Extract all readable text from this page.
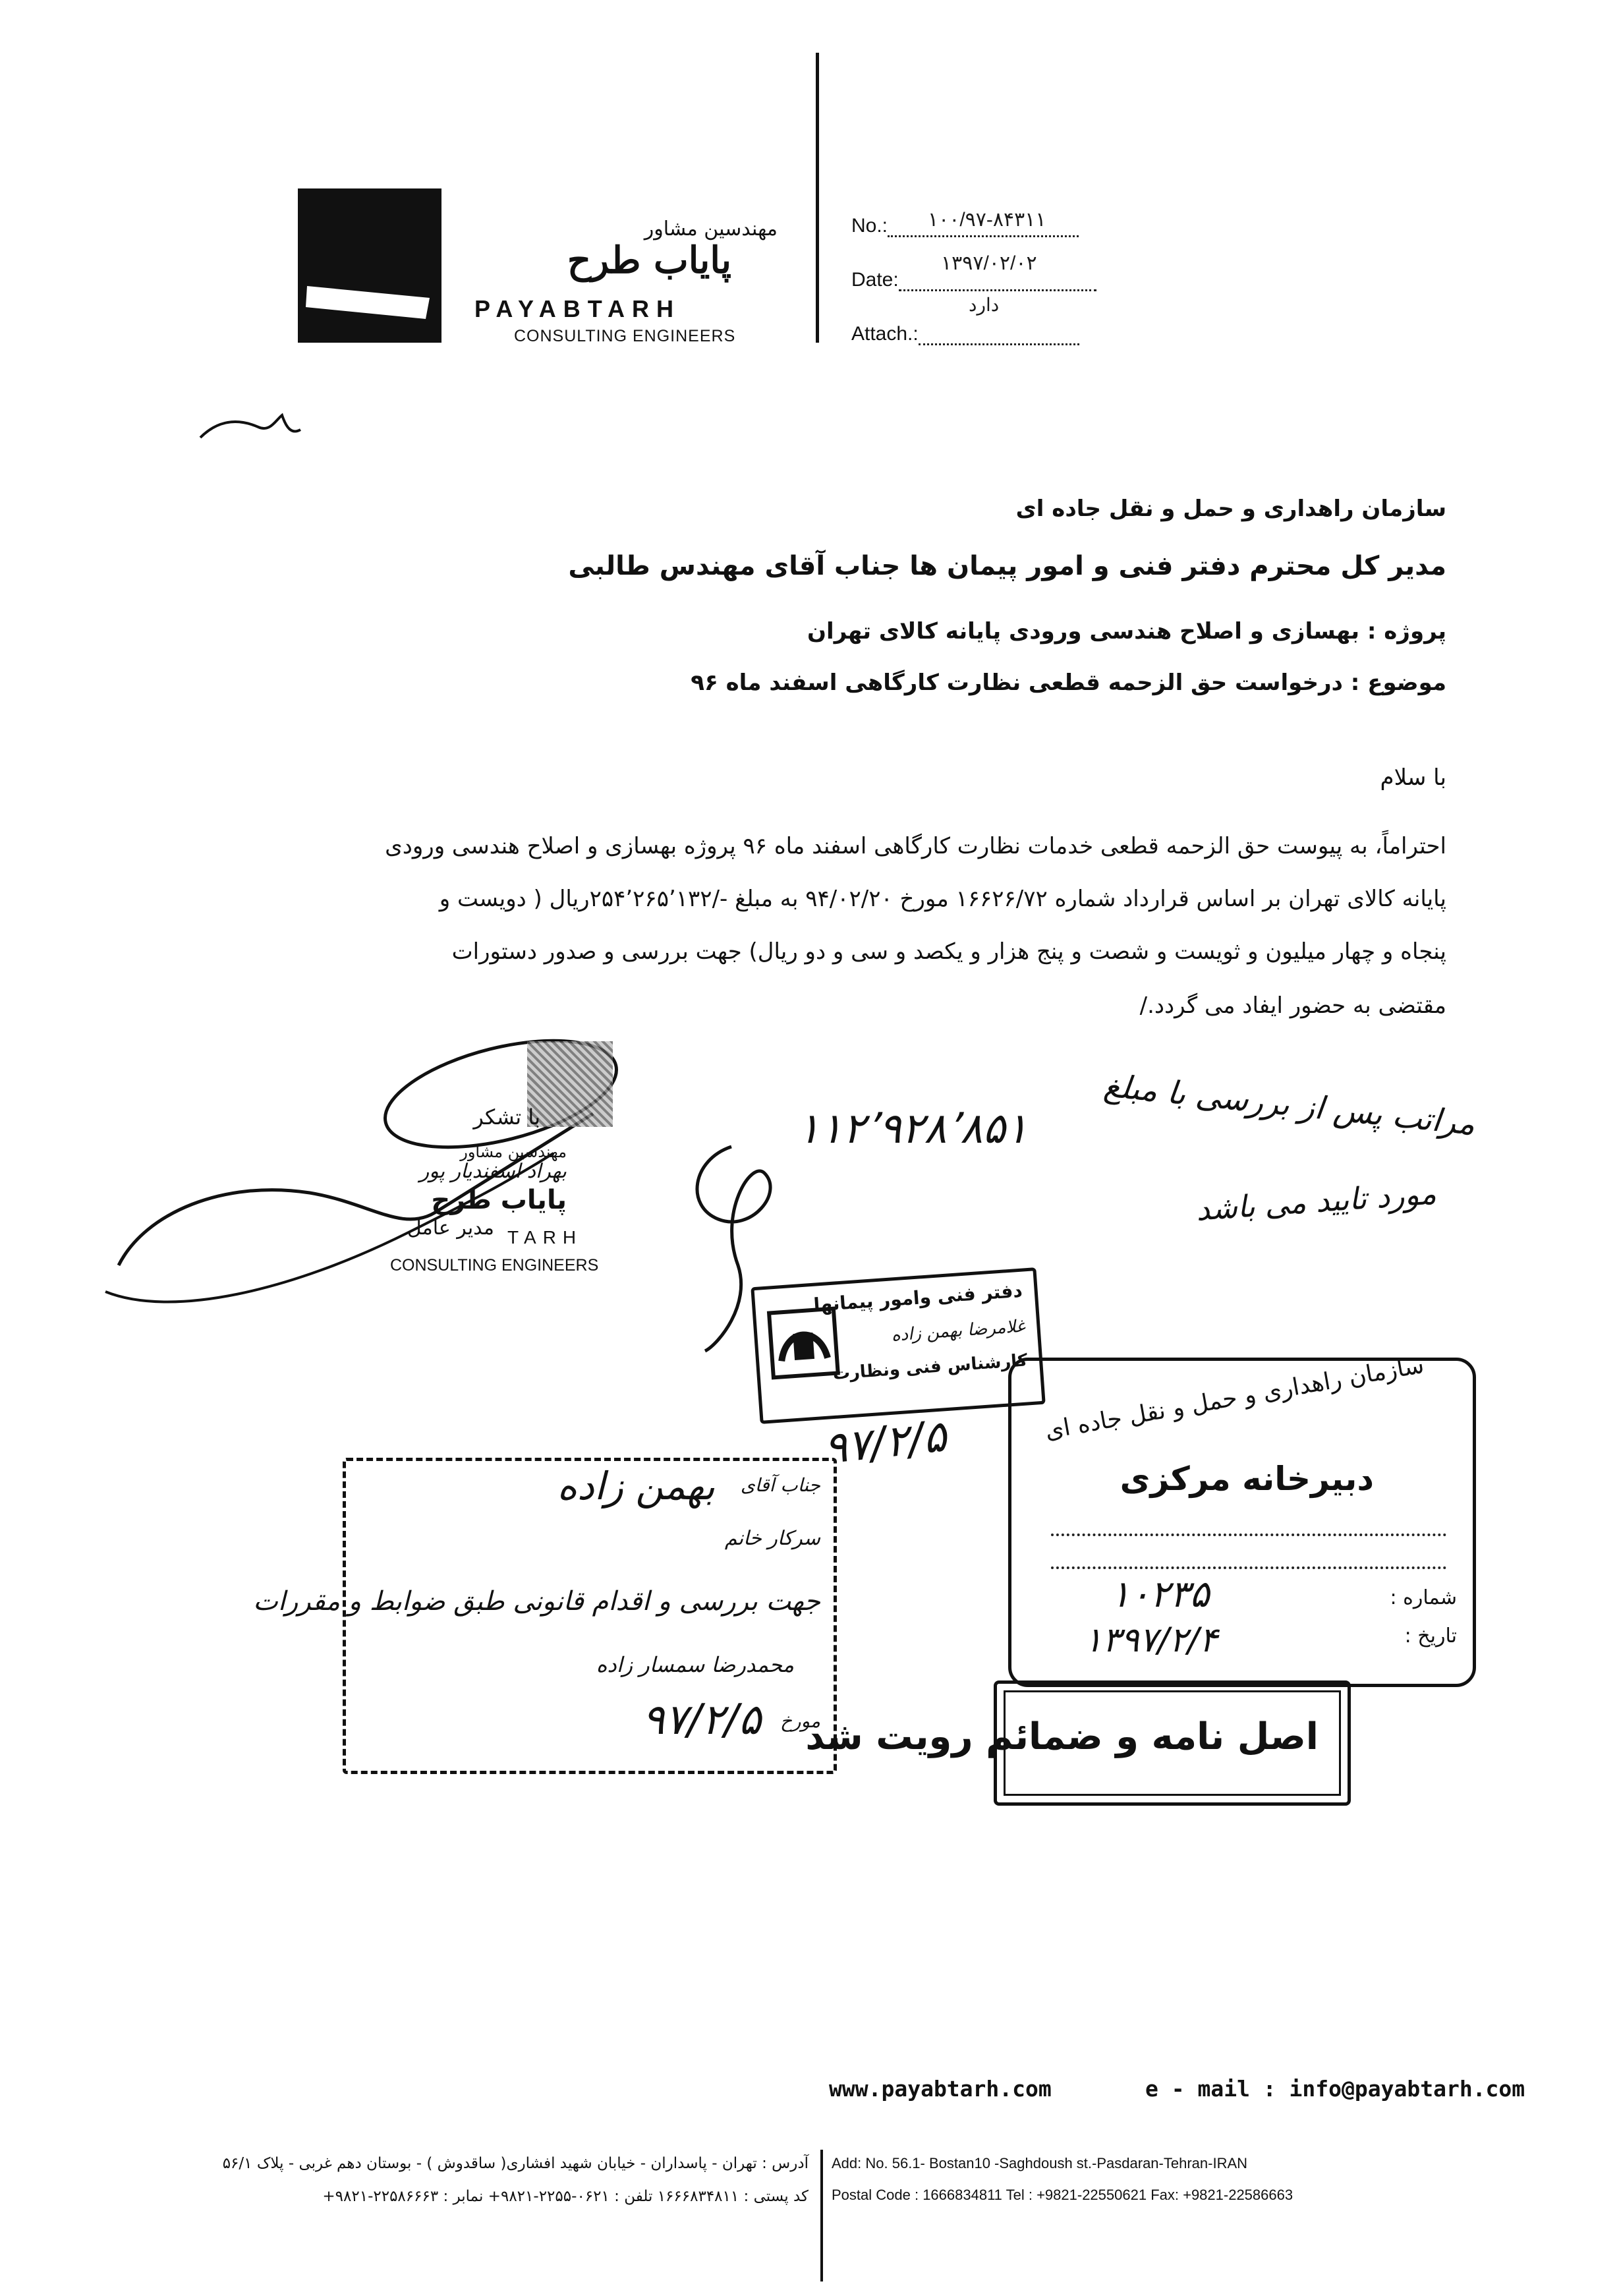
مهندسین مشاور
پایاب طرح
PAYABTARH
CONSULTING ENGINEERS
No.:	۱۰۰/۹۷-۸۴۳۱۱
Date:
۱۳۹۷/۰۲/۰۲
Attach.:
دارد
سازمان راهداری و حمل و نقل جاده ای
مدیر کل محترم دفتر فنی و امور پیمان ها جناب آقای مهندس طالبی
پروژه : بهسازی و اصلاح هندسی ورودی پایانه کالای تهران
موضوع : درخواست حق الزحمه قطعی نظارت کارگاهی اسفند ماه ۹۶
با سلام
احتراماً، به پیوست حق الزحمه قطعی خدمات نظارت کارگاهی اسفند ماه ۹۶ پروژه بهسازی و اصلاح هندسی ورودی
پایانه کالای تهران بر اساس قرارداد شماره ۱۶۶۲۶/۷۲ مورخ ۹۴/۰۲/۲۰ به مبلغ -/۲۵۴٬۲۶۵٬۱۳۲ریال ( دویست و
پنجاه و چهار میلیون و ثویست و شصت و پنج هزار و یکصد و سی و دو ریال) جهت بررسی و صدور دستورات
مقتضی به حضور ایفاد می گردد./
با تشکر
مهندسین مشاور
بهراد اسفندیار پور
پایاب طرح
مدیر عامل TARH
CONSULTING ENGINEERS
۱۱۲٬۹۲۸٬۸۵۱ مراتب پس از بررسی با مبلغ
مورد تایید می باشد
۹۷/۲/۵
دفتر فنی وامور پیمانها
غلامرضا بهمن زاده
کارشناس فنی ونظارت سازمان راهداری و حمل و نقل جاده ای
دبیرخانه مرکزی
شماره :
۱۰۲۳۵
تاریخ :
۱۳۹۷/۲/۴
جناب آقای
بهمن زاده
سرکار خانم
جهت بررسی و اقدام قانونی طبق ضوابط و مقررات
محمدرضا سمسار زاده
مورخ
۹۷/۲/۵ اصل نامه و ضمائم رویت شد
www.payabtarh.com	e - mail : info@payabtarh.com
آدرس : تهران - پاسداران - خیابان شهید افشاری( ساقدوش ) - بوستان دهم غربی - پلاک ۵۶/۱
کد پستی : ۱۶۶۶۸۳۴۸۱۱ تلفن : ۰۶۲۱-۲۲۵۵-۹۸۲۱+ نمابر : ۲۲۵۸۶۶۶۳-۹۸۲۱+
Add: No. 56.1- Bostan10 -Saghdoush st.-Pasdaran-Tehran-IRAN
Postal Code : 1666834811 Tel : +9821-22550621 Fax: +9821-22586663
